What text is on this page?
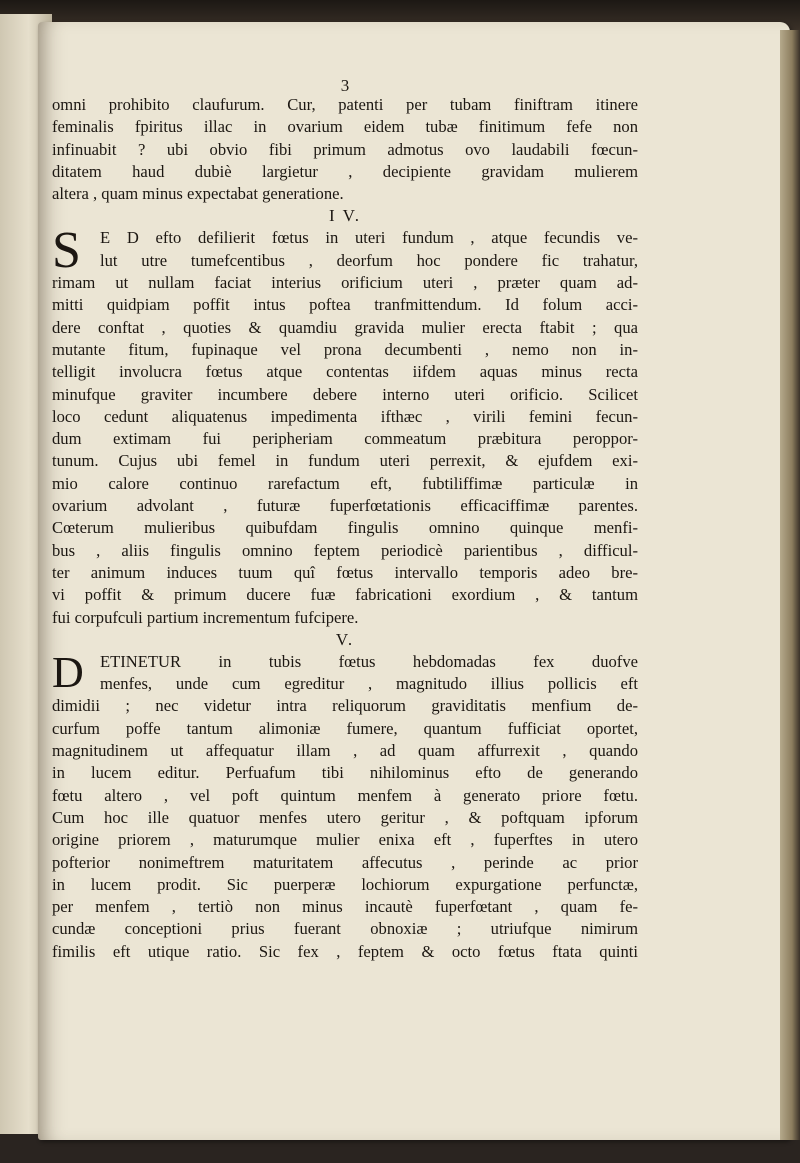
3
omni prohibito claufurum. Cur, patenti per tubam finiftram itinere
feminalis fpiritus illac in ovarium eidem tubæ finitimum fefe non
infinuabit ? ubi obvio fibi primum admotus ovo laudabili fœcun-
ditatem haud dubiè largietur , decipiente gravidam mulierem
altera , quam minus expectabat generatione.
I V.
S	E D efto defilierit fœtus in uteri fundum , atque fecundis ve-
lut utre tumefcentibus , deorfum hoc pondere fic trahatur,
rimam ut nullam faciat interius orificium uteri , præter quam ad-
mitti quidpiam poffit intus poftea tranfmittendum. Id folum acci-
dere conftat , quoties & quamdiu gravida mulier erecta ftabit ; qua
mutante fitum, fupinaque vel prona decumbenti , nemo non in-
telligit involucra fœtus atque contentas iifdem aquas minus recta
minufque graviter incumbere debere interno uteri orificio. Scilicet
loco cedunt aliquatenus impedimenta ifthæc , virili femini fecun-
dum extimam fui peripheriam commeatum præbitura peroppor-
tunum. Cujus ubi femel in fundum uteri perrexit, & ejufdem exi-
mio calore continuo rarefactum eft, fubtiliffimæ particulæ in
ovarium advolant , futuræ fuperfœtationis efficaciffimæ parentes.
Cœterum mulieribus quibufdam fingulis omnino quinque menfi-
bus , aliis fingulis omnino feptem periodicè parientibus , difficul-
ter animum induces tuum quî fœtus intervallo temporis adeo bre-
vi poffit & primum ducere fuæ fabricationi exordium , & tantum
fui corpufculi partium incrementum fufcipere.
V.
D ETINETUR in tubis fœtus hebdomadas fex duofve
menfes, unde cum egreditur , magnitudo illius pollicis eft
dimidii ; nec videtur intra reliquorum graviditatis menfium de-
curfum poffe tantum alimoniæ fumere, quantum fufficiat oportet,
magnitudinem ut affequatur illam , ad quam affurrexit , quando
in lucem editur. Perfuafum tibi nihilominus efto de generando
fœtu altero , vel poft quintum menfem à generato priore fœtu.
Cum hoc ille quatuor menfes utero geritur , & poftquam ipforum
origine priorem , maturumque mulier enixa eft , fuperftes in utero
pofterior nonimeftrem maturitatem affecutus , perinde ac prior
in lucem prodit. Sic puerperæ lochiorum expurgatione perfunctæ,
per menfem , tertiò non minus incautè fuperfœtant , quam fe-
cundæ conceptioni prius fuerant obnoxiæ ; utriufque nimirum
fimilis eft utique ratio. Sic fex , feptem & octo fœtus ftata quinti
